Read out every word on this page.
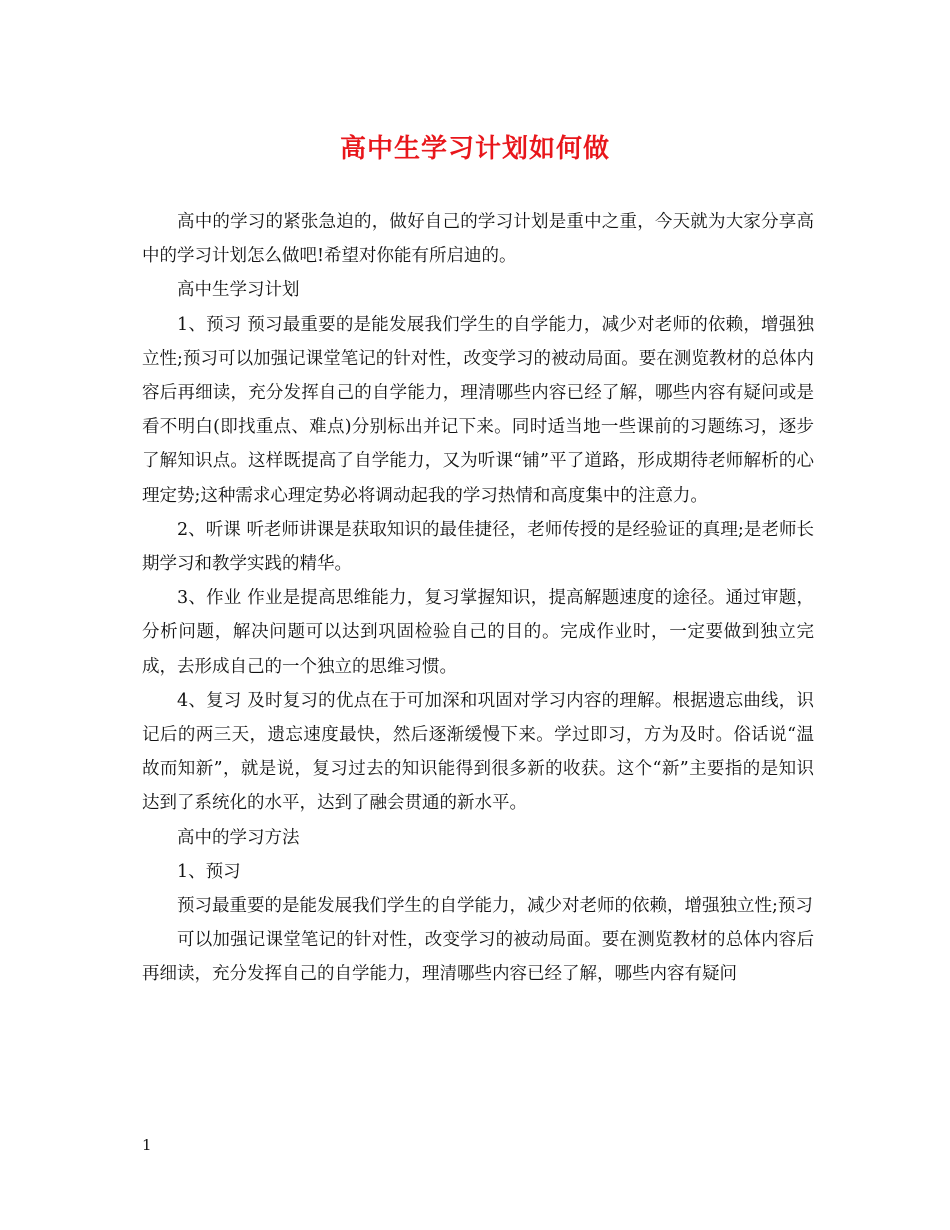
高中生学习计划如何做

高中的学习的紧张急迫的，做好自己的学习计划是重中之重，今天就为大家分享高中的学习计划怎么做吧!希望对你能有所启迪的。

高中生学习计划

1、预习 预习最重要的是能发展我们学生的自学能力，减少对老师的依赖，增强独立性;预习可以加强记课堂笔记的针对性，改变学习的被动局面。要在测览教材的总体内容后再细读，充分发挥自己的自学能力，理清哪些内容已经了解，哪些内容有疑问或是看不明白(即找重点、难点)分别标出并记下来。同时适当地一些课前的习题练习，逐步了解知识点。这样既提高了自学能力，又为听课“铺”平了道路，形成期待老师解析的心理定势;这种需求心理定势必将调动起我的学习热情和高度集中的注意力。

2、听课 听老师讲课是获取知识的最佳捷径，老师传授的是经验证的真理;是老师长期学习和教学实践的精华。

3、作业 作业是提高思维能力，复习掌握知识，提高解题速度的途径。通过审题，分析问题，解决问题可以达到巩固检验自己的目的。完成作业时，一定要做到独立完成，去形成自己的一个独立的思维习惯。

4、复习 及时复习的优点在于可加深和巩固对学习内容的理解。根据遗忘曲线，识记后的两三天，遗忘速度最快，然后逐渐缓慢下来。学过即习，方为及时。俗话说“温故而知新”，就是说，复习过去的知识能得到很多新的收获。这个“新”主要指的是知识达到了系统化的水平，达到了融会贯通的新水平。

高中的学习方法

1、预习

预习最重要的是能发展我们学生的自学能力，减少对老师的依赖，增强独立性;预习

可以加强记课堂笔记的针对性，改变学习的被动局面。要在测览教材的总体内容后再细读，充分发挥自己的自学能力，理清哪些内容已经了解，哪些内容有疑问

1
